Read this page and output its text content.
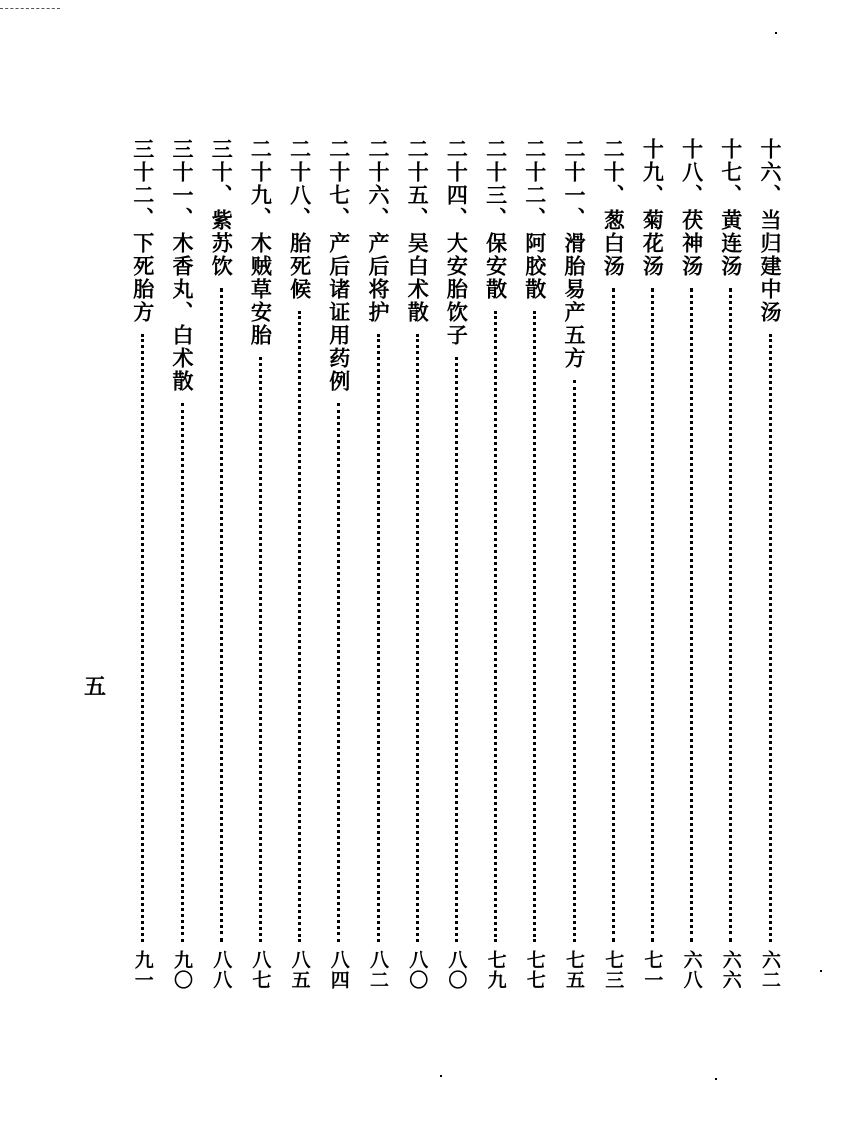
十六、
当归建中汤
六二
十七、
黄连汤
六六
十八、
茯神汤
六八
十九、
菊花汤
七一
二十、
葱白汤
七三
二十一、
滑胎易产五方
七五
二十二、
阿胶散
七七
二十三、
保安散
七九
二十四、
大安胎饮子
八〇
二十五、
吴白术散
八〇
二十六、
产后将护
八二
二十七、
产后诸证用药例
八四
二十八、
胎死候
八五
二十九、
木贼草安胎
八七
三十、
紫苏饮
八八
三十一、
木香丸、白术散
九〇
三十二、
下死胎方
九一
五
